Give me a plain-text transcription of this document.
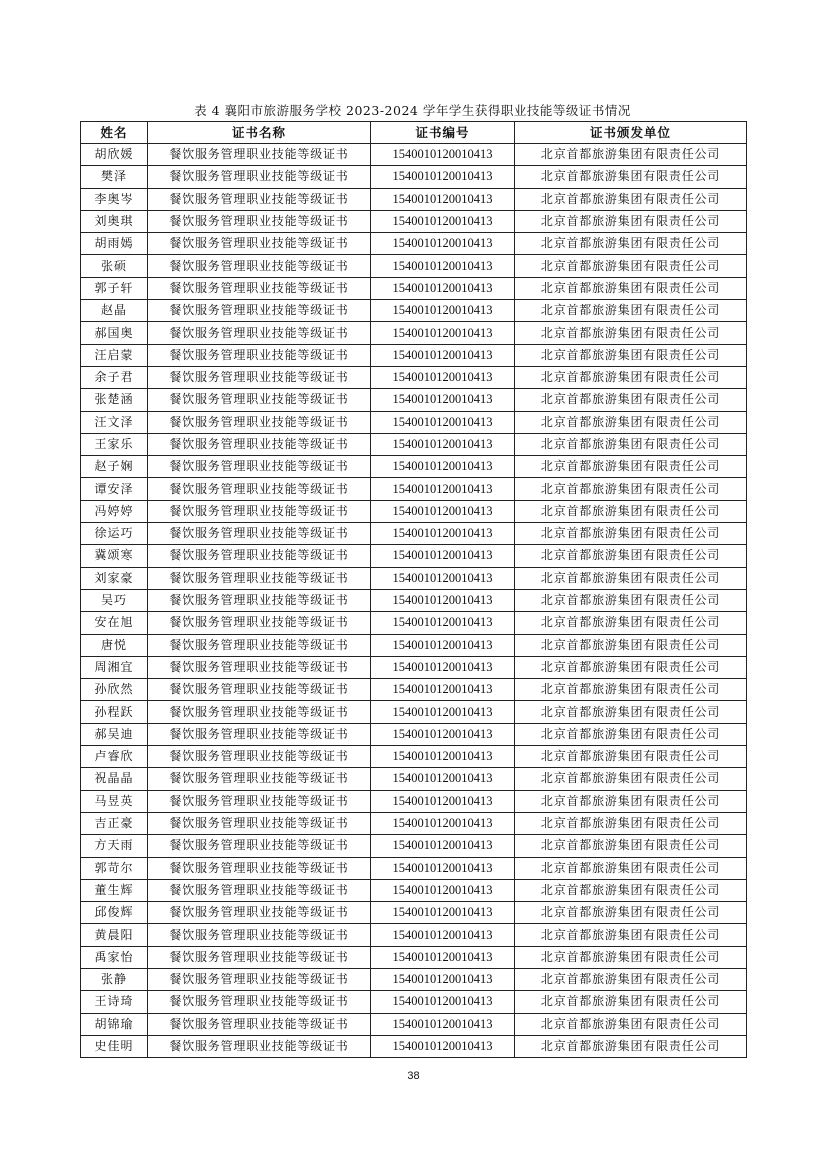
表 4 襄阳市旅游服务学校 2023-2024 学年学生获得职业技能等级证书情况
姓名	证书名称	证书编号	证书颁发单位
胡欣媛	餐饮服务管理职业技能等级证书	1540010120010413	北京首都旅游集团有限责任公司
樊泽	餐饮服务管理职业技能等级证书	1540010120010413	北京首都旅游集团有限责任公司
李奥岑	餐饮服务管理职业技能等级证书	1540010120010413	北京首都旅游集团有限责任公司
刘奥琪	餐饮服务管理职业技能等级证书	1540010120010413	北京首都旅游集团有限责任公司
胡雨嫣	餐饮服务管理职业技能等级证书	1540010120010413	北京首都旅游集团有限责任公司
张硕	餐饮服务管理职业技能等级证书	1540010120010413	北京首都旅游集团有限责任公司
郭子轩	餐饮服务管理职业技能等级证书	1540010120010413	北京首都旅游集团有限责任公司
赵晶	餐饮服务管理职业技能等级证书	1540010120010413	北京首都旅游集团有限责任公司
郝国奥	餐饮服务管理职业技能等级证书	1540010120010413	北京首都旅游集团有限责任公司
汪启蒙	餐饮服务管理职业技能等级证书	1540010120010413	北京首都旅游集团有限责任公司
余子君	餐饮服务管理职业技能等级证书	1540010120010413	北京首都旅游集团有限责任公司
张楚涵	餐饮服务管理职业技能等级证书	1540010120010413	北京首都旅游集团有限责任公司
汪文泽	餐饮服务管理职业技能等级证书	1540010120010413	北京首都旅游集团有限责任公司
王家乐	餐饮服务管理职业技能等级证书	1540010120010413	北京首都旅游集团有限责任公司
赵子娴	餐饮服务管理职业技能等级证书	1540010120010413	北京首都旅游集团有限责任公司
谭安泽	餐饮服务管理职业技能等级证书	1540010120010413	北京首都旅游集团有限责任公司
冯婷婷	餐饮服务管理职业技能等级证书	1540010120010413	北京首都旅游集团有限责任公司
徐运巧	餐饮服务管理职业技能等级证书	1540010120010413	北京首都旅游集团有限责任公司
冀颂寒	餐饮服务管理职业技能等级证书	1540010120010413	北京首都旅游集团有限责任公司
刘家豪	餐饮服务管理职业技能等级证书	1540010120010413	北京首都旅游集团有限责任公司
吴巧	餐饮服务管理职业技能等级证书	1540010120010413	北京首都旅游集团有限责任公司
安在旭	餐饮服务管理职业技能等级证书	1540010120010413	北京首都旅游集团有限责任公司
唐悦	餐饮服务管理职业技能等级证书	1540010120010413	北京首都旅游集团有限责任公司
周湘宜	餐饮服务管理职业技能等级证书	1540010120010413	北京首都旅游集团有限责任公司
孙欣然	餐饮服务管理职业技能等级证书	1540010120010413	北京首都旅游集团有限责任公司
孙程跃	餐饮服务管理职业技能等级证书	1540010120010413	北京首都旅游集团有限责任公司
郝吴迪	餐饮服务管理职业技能等级证书	1540010120010413	北京首都旅游集团有限责任公司
卢睿欣	餐饮服务管理职业技能等级证书	1540010120010413	北京首都旅游集团有限责任公司
祝晶晶	餐饮服务管理职业技能等级证书	1540010120010413	北京首都旅游集团有限责任公司
马昱英	餐饮服务管理职业技能等级证书	1540010120010413	北京首都旅游集团有限责任公司
吉正豪	餐饮服务管理职业技能等级证书	1540010120010413	北京首都旅游集团有限责任公司
方天雨	餐饮服务管理职业技能等级证书	1540010120010413	北京首都旅游集团有限责任公司
郭苛尔	餐饮服务管理职业技能等级证书	1540010120010413	北京首都旅游集团有限责任公司
董生辉	餐饮服务管理职业技能等级证书	1540010120010413	北京首都旅游集团有限责任公司
邱俊辉	餐饮服务管理职业技能等级证书	1540010120010413	北京首都旅游集团有限责任公司
黄晨阳	餐饮服务管理职业技能等级证书	1540010120010413	北京首都旅游集团有限责任公司
禹家怡	餐饮服务管理职业技能等级证书	1540010120010413	北京首都旅游集团有限责任公司
张静	餐饮服务管理职业技能等级证书	1540010120010413	北京首都旅游集团有限责任公司
王诗琦	餐饮服务管理职业技能等级证书	1540010120010413	北京首都旅游集团有限责任公司
胡锦瑜	餐饮服务管理职业技能等级证书	1540010120010413	北京首都旅游集团有限责任公司
史佳明	餐饮服务管理职业技能等级证书	1540010120010413	北京首都旅游集团有限责任公司
38
